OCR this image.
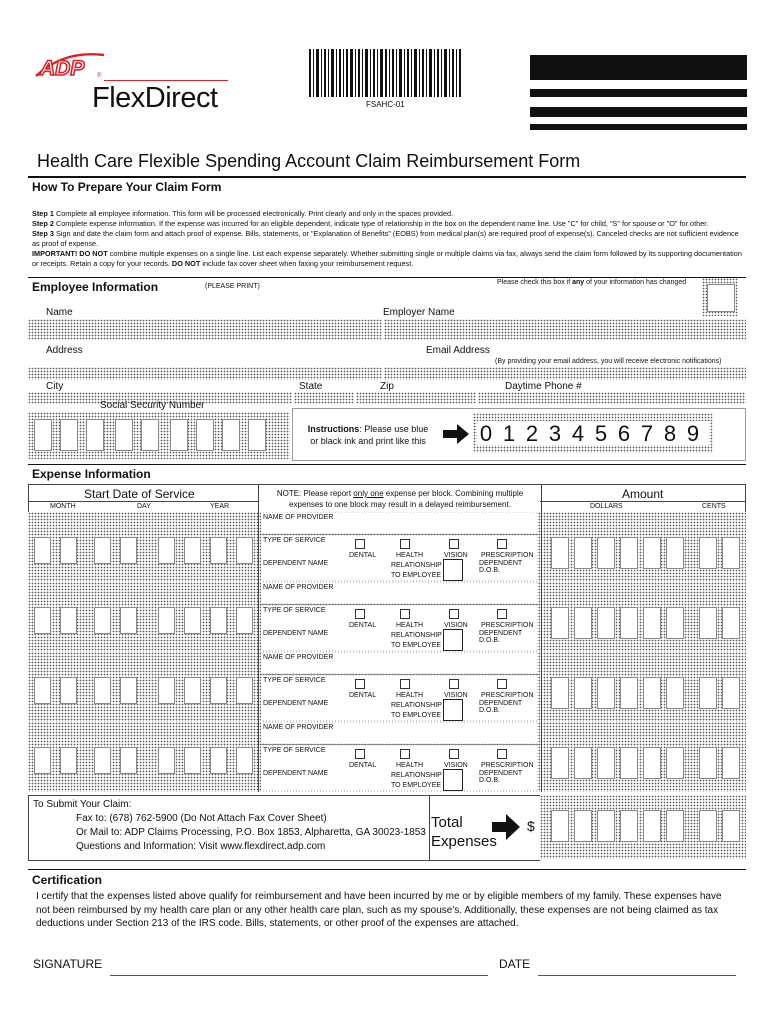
ADP ®
FlexDirect	FSAHC-01
Health Care Flexible Spending Account Claim Reimbursement Form
How To Prepare Your Claim Form
Step 1 Complete all employee information. This form will be processed electronically. Print clearly and only in the spaces provided.
Step 2 Complete expense information. If the expense was incurred for an eligible dependent, indicate type of relationship in the box on the dependent name line. Use "C" for child, "S" for spouse or "O" for other.
Step 3 Sign and date the claim form and attach proof of expense. Bills, statements, or "Explanation of Benefits" (EOBS) from medical plan(s) are required proof of expense(s). Canceled checks are not sufficient evidence as proof of expense.
IMPORTANT! DO NOT combine multiple expenses on a single line. List each expense separately. Whether submitting single or multiple claims via fax, always send the claim form followed by its supporting documentation or receipts. Retain a copy for your records. DO NOT include fax cover sheet when faxing your reimbursement request.
Employee Information	(PLEASE PRINT)
Please check this box if any of your information has changed
Name	Employer Name
Address	Email Address
(By providing your email address, you will receive electronic notifications)
City	State	Zip	Daytime Phone #
Social Security Number
Instructions: Please use blue
or black ink and print like this	0 1 2 3 4 5 6 7 8 9
Expense Information
Start Date of Service
MONTH	DAY	YEAR
NOTE: Please report only one expense per block. Combining multiple
expenses to one block may result in a delayed reimbursement.
Amount
DOLLARS	CENTS
NAME OF PROVIDER
TYPE OF SERVICE
DEPENDENT NAME
DENTAL	HEALTH	VISION PRESCRIPTION
RELATIONSHIP
TO EMPLOYEE
DEPENDENT D.O.B.
NAME OF PROVIDER
TYPE OF SERVICE
DEPENDENT NAME
DENTAL	HEALTH	VISION PRESCRIPTION
RELATIONSHIP
TO EMPLOYEE
DEPENDENT D.O.B.
NAME OF PROVIDER
TYPE OF SERVICE
DEPENDENT NAME
DENTAL	HEALTH	VISION PRESCRIPTION
RELATIONSHIP
TO EMPLOYEE
DEPENDENT D.O.B.
NAME OF PROVIDER
TYPE OF SERVICE
DEPENDENT NAME
DENTAL	HEALTH	VISION PRESCRIPTION
RELATIONSHIP
TO EMPLOYEE
DEPENDENT D.O.B.
To Submit Your Claim:
Fax to: (678) 762-5900 (Do Not Attach Fax Cover Sheet)
Or Mail to: ADP Claims Processing, P.O. Box 1853, Alpharetta, GA 30023-1853
Questions and Information: Visit www.flexdirect.adp.com
Total
Expenses
$
Certification
I certify that the expenses listed above qualify for reimbursement and have been incurred by me or by eligible members of my family. These expenses have not been reimbursed by my health care plan or any other health care plan, such as my spouse's. Additionally, these expenses are not being claimed as tax deductions under Section 213 of the IRS code. Bills, statements, or other proof of the expenses are attached.
SIGNATURE	DATE
